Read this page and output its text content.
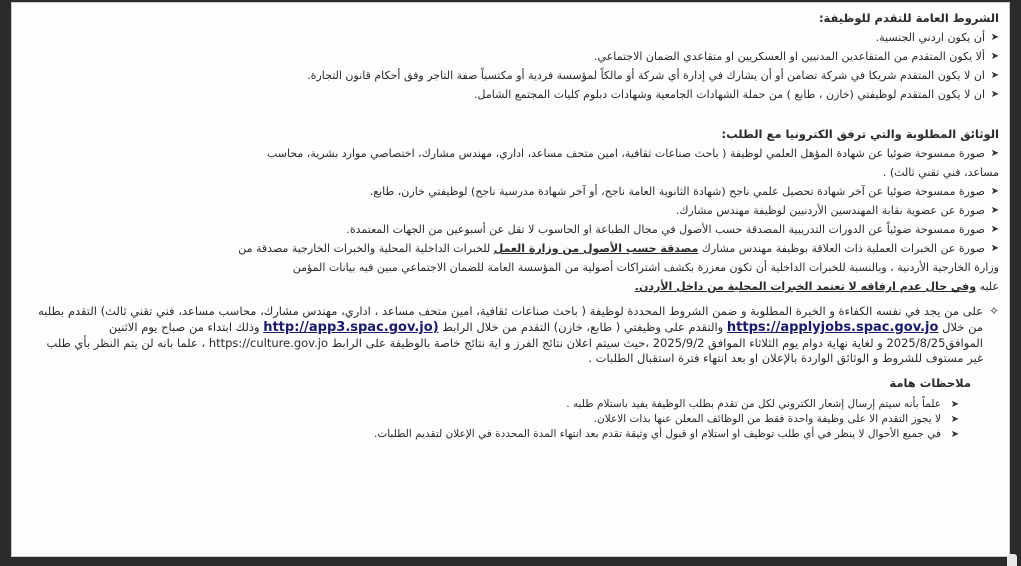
الشروط العامة للتقدم للوظيفة:

➤
أن يكون اردني الجنسية.

➤
ألا يكون المتقدم من المتقاعدين المدنيين او العسكريين او متقاعدي الضمان الاجتماعي.

➤
ان لا يكون المتقدم شريكا في شركة تضامن أو أن يشارك في إدارة أي شركة أو مالكاً لمؤسسة فردية أو مكتسباً صفة التاجر وفق أحكام قانون التجارة.

➤
ان لا يكون المتقدم لوظيفتي (خازن ، طابع ) من حملة الشهادات الجامعية وشهادات دبلوم كليات المجتمع الشامل.

الوثائق المطلوبة والتي ترفق الكترونيا مع الطلب:

➤
صورة ممسوحة ضوئيا عن شهادة المؤهل العلمي لوظيفة ( باحث صناعات ثقافية، امين متحف مساعد، اداري، مهندس مشارك، اختصاصي موارد بشرية، محاسب

مساعد، فني تقني ثالث) .

➤
صورة ممسوحة ضوئيا عن آخر شهادة تحصيل علمي ناجح (شهادة الثانوية العامة ناجح، أو آخر شهادة مدرسية ناجح) لوظيفتي خازن، طابع.

➤
صورة عن عضوية نقابة المهندسين الأردنيين لوظيفة مهندس مشارك.

➤
صورة ممسوحة ضوئياً عن الدورات التدريبية المصدقة حسب الأصول في مجال الطباعة او الحاسوب لا تقل عن أسبوعين من الجهات المعتمدة.

➤
صورة عن الخبرات العملية ذات العلاقة بوظيفة مهندس مشارك مصدقة حسب الأصول من وزارة العمل للخبرات الداخلية المحلية والخبرات الخارجية مصدقة من

وزارة الخارجية الأردنية ، وبالنسبة للخبرات الداخلية أن تكون معززة بكشف اشتراكات أصولية من المؤسسة العامة للضمان الاجتماعي مبين فيه بيانات المؤمن

عليه وفي حال عدم ارفاقه لا تعتمد الخبرات المحلية من داخل الأردن.

✧
على من يجد في نفسه الكفاءة و الخبرة المطلوبة و ضمن الشروط المحددة لوظيفة ( باحث صناعات ثقافية، امين متحف مساعد ، اداري، مهندس مشارك، محاسب مساعد، فني تقني ثالث) التقدم بطلبه من خلال https://applyjobs.spac.gov.jo والتقدم على وظيفتي ( طابع، خازن) التقدم من خلال الرابط (http://app3.spac.gov.jo وذلك ابتداء من صباح يوم الاثنين الموافق2025/8/25 و لغاية نهاية دوام يوم الثلاثاء الموافق 2025/9/2 ،حيث سيتم اعلان نتائج الفرز و اية نتائج خاصة بالوظيفة على الرابط https://culture.gov.jo ، علما بانه لن يتم النظر بأي طلب غير مستوف للشروط و الوثائق الواردة بالإعلان او بعد انتهاء فترة استقبال الطلبات .

ملاحظات هامة

➤
علماً بأنه سيتم إرسال إشعار الكتروني لكل من تقدم بطلب الوظيفة يفيد باستلام طلبه .

➤
لا يجوز التقدم الا على وظيفة واحدة فقط من الوظائف المعلن عنها بذات الاعلان.

➤
في جميع الأحوال لا ينظر في أي طلب توظيف او استلام او قبول أي وثيقة تقدم بعد انتهاء المدة المحددة في الإعلان لتقديم الطلبات.
